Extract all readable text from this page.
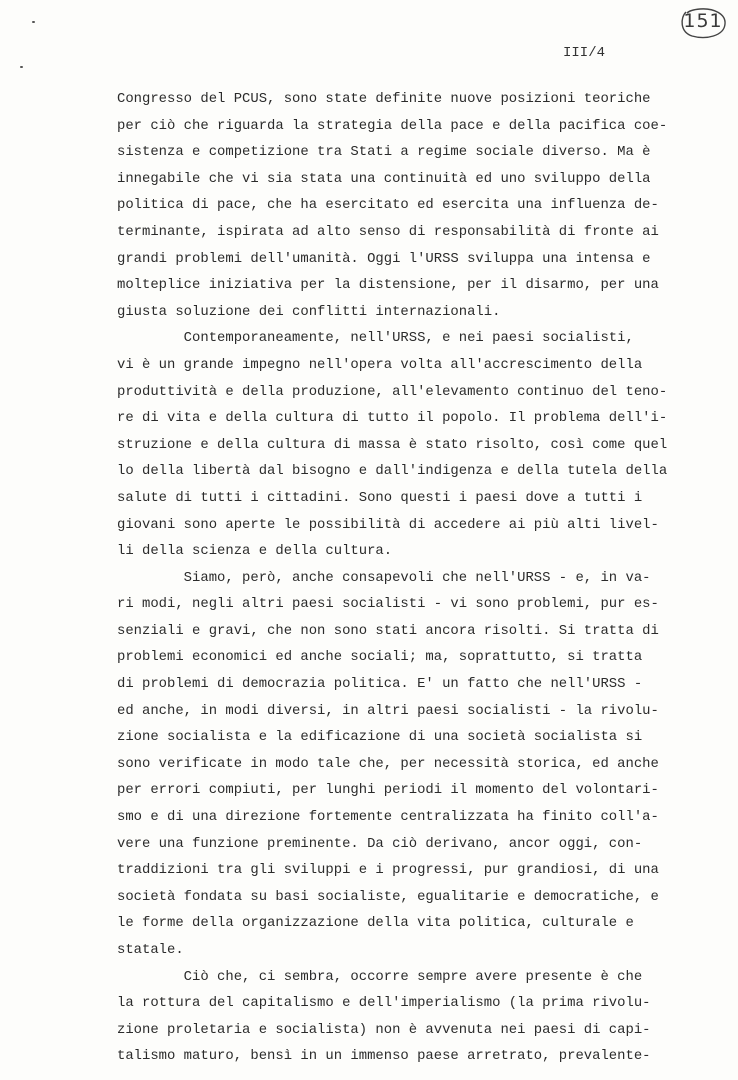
151
III/4
Congresso del PCUS, sono state definite nuove posizioni teoriche
per ciò che riguarda la strategia della pace e della pacifica coe-
sistenza e competizione tra Stati a regime sociale diverso. Ma è
innegabile che vi sia stata una continuità ed uno sviluppo della
politica di pace, che ha esercitato ed esercita una influenza de-
terminante, ispirata ad alto senso di responsabilità di fronte ai
grandi problemi dell'umanità. Oggi l'URSS sviluppa una intensa e
molteplice iniziativa per la distensione, per il disarmo, per una
giusta soluzione dei conflitti internazionali.
Contemporaneamente, nell'URSS, e nei paesi socialisti,
vi è un grande impegno nell'opera volta all'accrescimento della
produttività e della produzione, all'elevamento continuo del tenо-
re di vita e della cultura di tutto il popolo. Il problema dell'i-
struzione e della cultura di massa è stato risolto, così come quel
lo della libertà dal bisogno e dall'indigenza e della tutela della
salute di tutti i cittadini. Sono questi i paesi dove a tutti i
giovani sono aperte le possibilità di accedere ai più alti livel-
li della scienza e della cultura.
Siamo, però, anche consapevoli che nell'URSS - e, in va-
ri modi, negli altri paesi socialisti - vi sono problemi, pur es-
senziali e gravi, che non sono stati ancora risolti. Si tratta di
problemi economici ed anche sociali; ma, soprattutto, si tratta
di problemi di democrazia politica. E' un fatto che nell'URSS -
ed anche, in modi diversi, in altri paesi socialisti - la rivolu-
zione socialista e la edificazione di una società socialista si
sono verificate in modo tale che, per necessità storica, ed anche
per errori compiuti, per lunghi periodi il momento del volontari-
smo e di una direzione fortemente centralizzata ha finito coll'a-
vere una funzione preminente. Da ciò derivano, ancor oggi, con-
traddizioni tra gli sviluppi e i progressi, pur grandiosi, di una
società fondata su basi socialiste, egualitarie e democratiche, e
le forme della organizzazione della vita politica, culturale e
statale.
Ciò che, ci sembra, occorre sempre avere presente è che
la rottura del capitalismo e dell'imperialismo (la prima rivolu-
zione proletaria e socialista) non è avvenuta nei paesi di capi-
talismo maturo, bensì in un immenso paese arretrato, prevalente-
